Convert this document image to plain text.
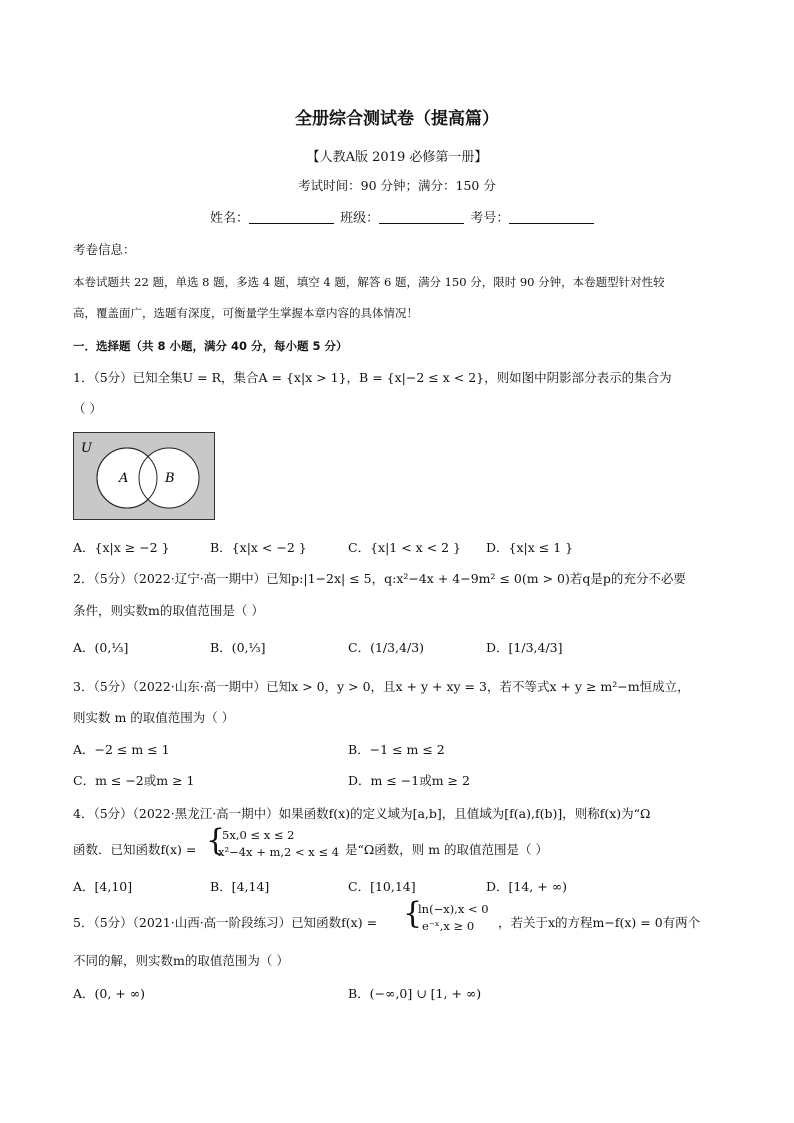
全册综合测试卷（提高篇）
【人教A版 2019 必修第一册】
考试时间：90 分钟；满分：150 分
姓名：	班级：	考号：
考卷信息：
本卷试题共 22 题，单选 8 题，多选 4 题，填空 4 题，解答 6 题，满分 150 分，限时 90 分钟，本卷题型针对性较
高，覆盖面广，选题有深度，可衡量学生掌握本章内容的具体情况！
一．选择题（共 8 小题，满分 40 分，每小题 5 分）
1．（5分）已知全集U = R，集合A = {x|x > 1}，B = {x|−2 ≤ x < 2}，则如图中阴影部分表示的集合为
（ ）
U
A	B
A．{x|x ≥ −2 }	B．{x|x < −2 }	C．{x|1 < x < 2 } D．{x|x ≤ 1 }
2．（5分）（2022·辽宁·高一期中）已知p:|1−2x| ≤ 5，q:x²−4x + 4−9m² ≤ 0(m > 0)若q是p的充分不必要
条件，则实数m的取值范围是（ ）
A．(0,⅓]	B．(0,⅓]	C．(1/3,4/3)	D．[1/3,4/3]
3．（5分）（2022·山东·高一期中）已知x > 0，y > 0，且x + y + xy = 3，若不等式x + y ≥ m²−m恒成立，
则实数 m 的取值范围为（ ）
A．−2 ≤ m ≤ 1	B．−1 ≤ m ≤ 2
C．m ≤ −2或m ≥ 1	D．m ≤ −1或m ≥ 2
4．（5分）（2022·黑龙江·高一期中）如果函数f(x)的定义域为[a,b]，且值域为[f(a),f(b)]，则称f(x)为“Ω
函数．已知函数f(x) = {
5x,0 ≤ x ≤ 2
x²−4x + m,2 < x ≤ 4 是“Ω函数，则 m 的取值范围是（ ）
A．[4,10]	B．[4,14]	C．[10,14]	D．[14, + ∞)
5．（5分）（2021·山西·高一阶段练习）已知函数f(x) = {
ln(−x),x < 0
e⁻ˣ,x ≥ 0 ，若关于x的方程m−f(x) = 0有两个
不同的解，则实数m的取值范围为（ ）
A．(0, + ∞)	B．(−∞,0] ∪ [1, + ∞)
